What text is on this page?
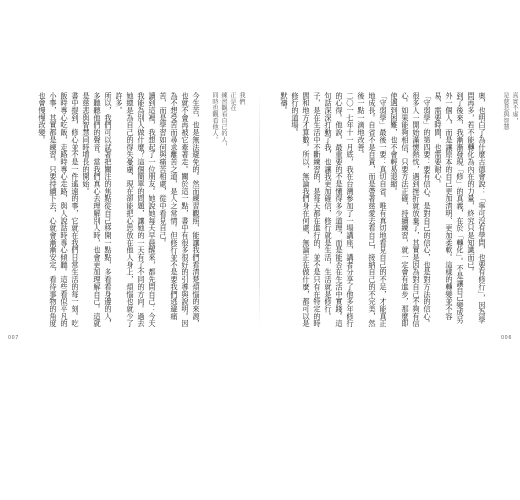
今生苦，也是無法避免的。然而練習觀照，能讓我們看清楚煩惱的來源，也就不會再被它牽著走。關於這一點，書中有很多很好的引導與說明。因為不想受苦而尋求離苦之道，是人之常情。但修行並不是要我們逃避痛苦，而是學習如何與痛苦相處，從中看見自己。
讀到這裡，我想起了一位朋友。她說她每天早晨醒來，都先問自己：今天我能為別人做什麼？這個簡單的問題，讓她的一天有了不同的方向。過去她總是為自己的得失憂慮，現在卻能把心思放在他人身上，煩惱也就少了許多。
所以，我們可以試著把關注的焦點從自己移開一點點，多看看身邊的人，多聽聽他們的聲音。當我們真心去理解別人時，也會更加理解自己。這就是慈悲與智慧同時增長的開始。
書中提到，修心並不是一件遙遠的事，它就在我們日常生活的每一刻。吃飯時專心吃飯，走路時專心走路，與人說話時專心傾聽。這些看似平凡的小事，其實都是練習。只要持續下去，心就會漸漸安定，看待事物的角度也會慢慢改變。	我們
正是在
練習觀看自己的人，
同時也觀看他人。
007
奧，也明白了為什麼古德會說：「寧可沒有學問，也要有修行」，因為學問再多，若不能轉化為內在的力量，終究只是知識而已。
到了後來，我漸漸發現「修」的真義，在於「轉化」。不是讓自己變成另外一個人，而是讓原本的自己更加清明、更加柔軟。這樣的轉變並不容易，需要時間，也需要耐心。
「守弱學」的第四要：要有信心。是對自己的信心，也是對方法的信心。很多人一開始滿懷熱忱，遇到挫折就放棄了，其實是因為對自己不夠有信心。如果能夠相信，只要方法正確，持續練習，就一定會有進步，那麼即使遇到困難，也不會輕易退縮。
「守弱學」最後一要：真切自省。唯有真切地看見自己的不足，才能真正地成長。自省不是自責，而是帶著慈愛去看自己，接納自己的不完美，然後一點一滴地改善。
二〇一七年十一月底，我在台灣參加了一場講座，講者分享了他多年修行的心得。他說，最重要的不是懂得多少道理，而是能否在生活中實踐。這句話深深打動了我，也讓我更加確信，修行就是生活，生活就是修行。
子，是在生活中不斷練習的，是每天都在進行的，並不是只有在特定的時間和地方才算數。所以，無論我們身在何處，無論正在做什麼，都可以是修行的道場。
默禱。	真實不虛，
是慈悲與智慧
006
